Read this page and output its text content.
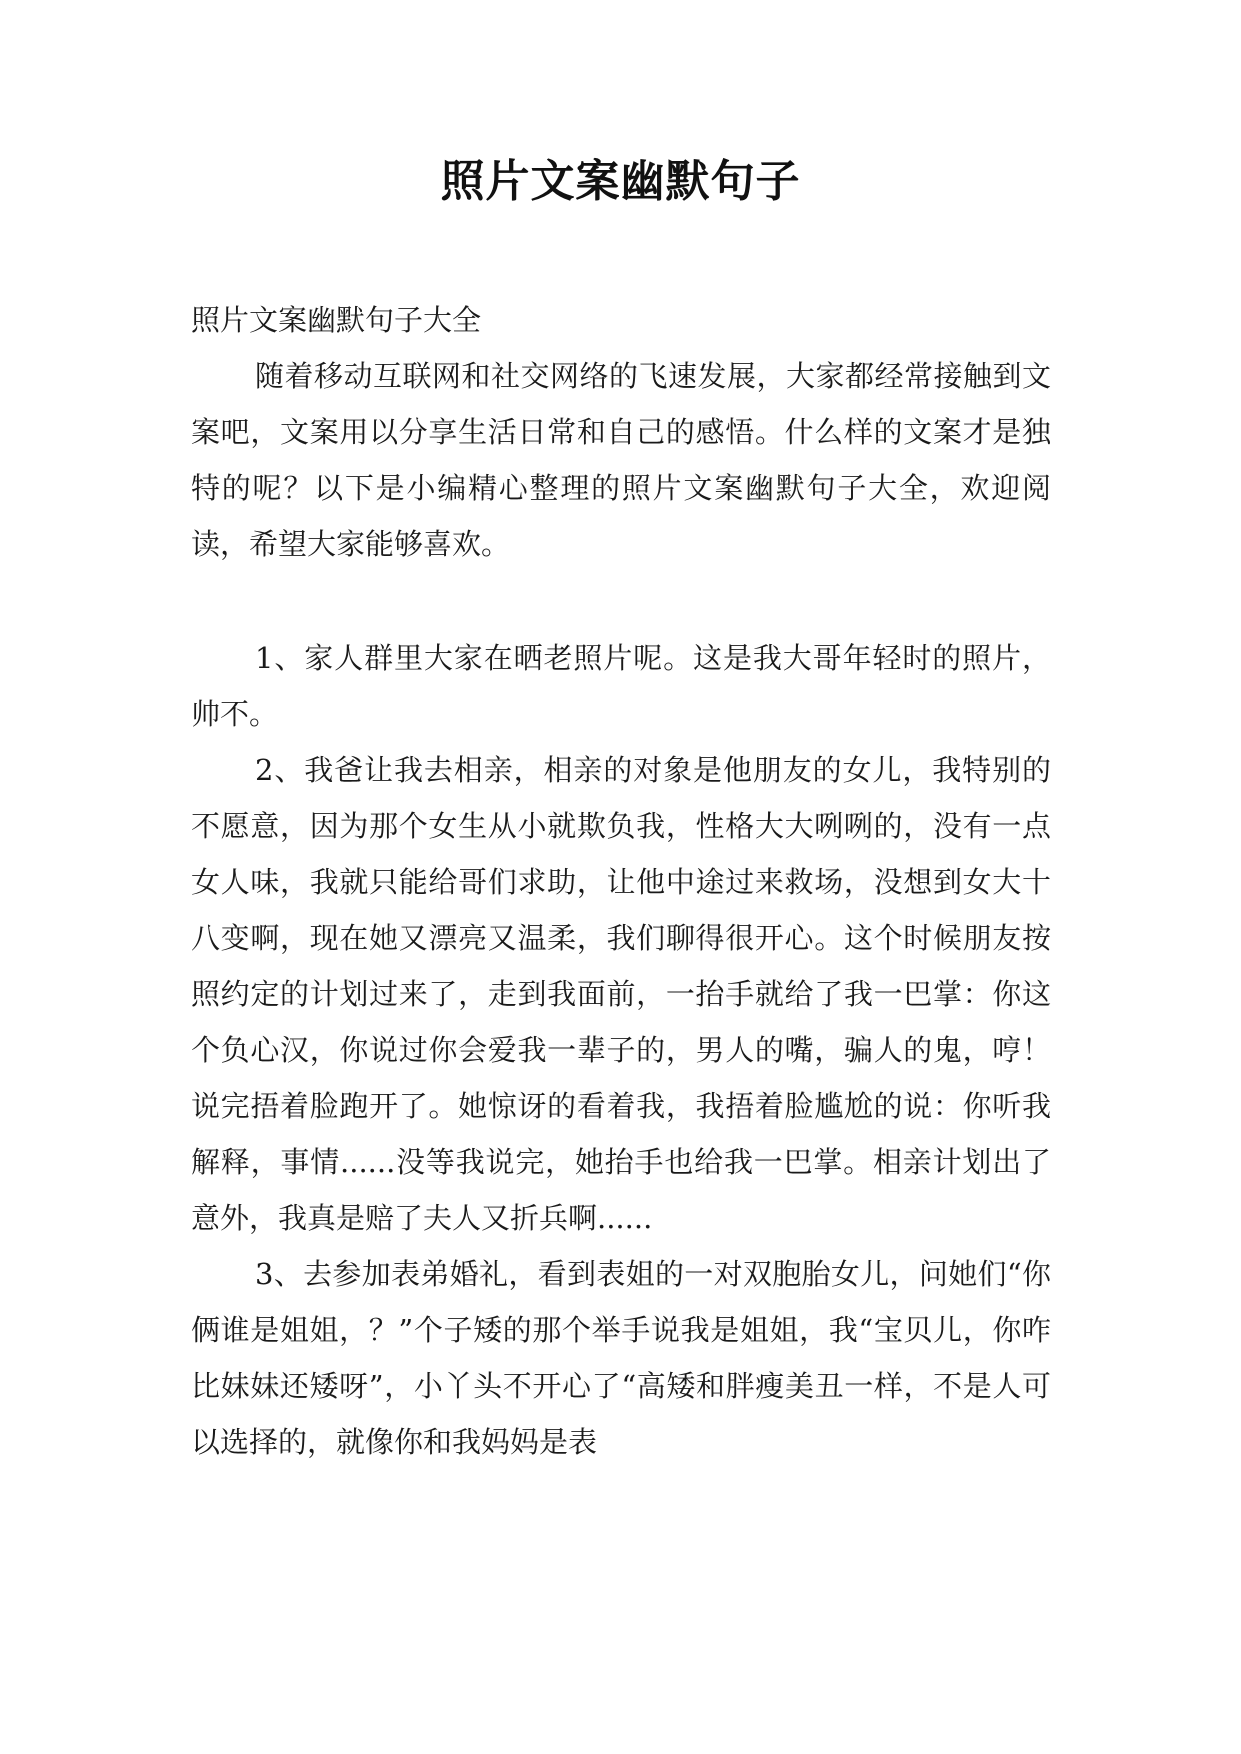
照片文案幽默句子

照片文案幽默句子大全

随着移动互联网和社交网络的飞速发展，大家都经常接触到文案吧，文案用以分享生活日常和自己的感悟。什么样的文案才是独特的呢？以下是小编精心整理的照片文案幽默句子大全，欢迎阅读，希望大家能够喜欢。

1、家人群里大家在晒老照片呢。这是我大哥年轻时的照片，帅不。

2、我爸让我去相亲，相亲的对象是他朋友的女儿，我特别的不愿意，因为那个女生从小就欺负我，性格大大咧咧的，没有一点女人味，我就只能给哥们求助，让他中途过来救场，没想到女大十八变啊，现在她又漂亮又温柔，我们聊得很开心。这个时候朋友按照约定的计划过来了，走到我面前，一抬手就给了我一巴掌：你这个负心汉，你说过你会爱我一辈子的，男人的嘴，骗人的鬼，哼！说完捂着脸跑开了。她惊讶的看着我，我捂着脸尴尬的说：你听我解释，事情......没等我说完，她抬手也给我一巴掌。相亲计划出了意外，我真是赔了夫人又折兵啊......

3、去参加表弟婚礼，看到表姐的一对双胞胎女儿，问她们“你俩谁是姐姐，？”个子矮的那个举手说我是姐姐，我“宝贝儿，你咋比妹妹还矮呀”，小丫头不开心了“高矮和胖瘦美丑一样，不是人可以选择的，就像你和我妈妈是表
